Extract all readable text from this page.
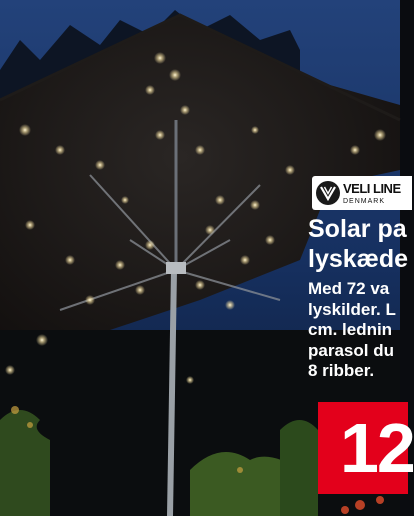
VELI LINE
DENMARK
Solar pa
lyskæde

Med 72 va
lyskilder. L
cm. lednin
parasol du
8 ribber.

12
